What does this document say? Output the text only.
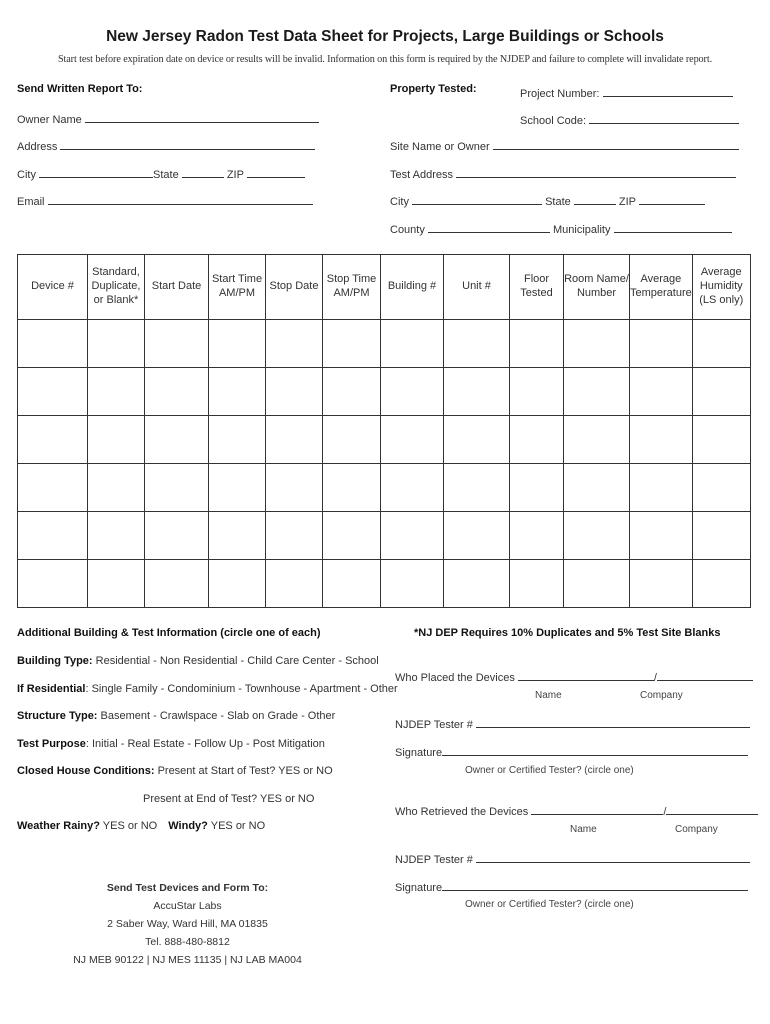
New Jersey Radon Test Data Sheet for Projects, Large Buildings or Schools
Start test before expiration date on device or results will be invalid. Information on this form is required by the NJDEP and failure to complete will invalidate report.
Send Written Report To:
Owner Name
Address
City	State	ZIP
Email
Property Tested:	Project Number:
School Code:
Site Name or Owner
Test Address
City	State	ZIP
County	Municipality
Device #	Standard, Duplicate, or Blank*	Start Date	Start Time AM/PM	Stop Date	Stop Time AM/PM	Building #	Unit #	Floor Tested	Room Name/ Number	Average Temperature	Average Humidity (LS only)

Additional Building & Test Information (circle one of each)
Building Type: Residential - Non Residential - Child Care Center - School
If Residential: Single Family - Condominium - Townhouse - Apartment - Other
Structure Type: Basement - Crawlspace - Slab on Grade - Other
Test Purpose: Initial - Real Estate - Follow Up - Post Mitigation
Closed House Conditions: Present at Start of Test? YES or NO
Present at End of Test? YES or NO
Weather Rainy? YES or NO Windy? YES or NO
Send Test Devices and Form To:
AccuStar Labs
2 Saber Way, Ward Hill, MA 01835
Tel. 888-480-8812
NJ MEB 90122 | NJ MES 11135 | NJ LAB MA004
*NJ DEP Requires 10% Duplicates and 5% Test Site Blanks
Who Placed the Devices	/
Name	Company
NJDEP Tester #
Signature
Owner or Certified Tester? (circle one)
Who Retrieved the Devices	/
Name	Company
NJDEP Tester #
Signature
Owner or Certified Tester? (circle one)
